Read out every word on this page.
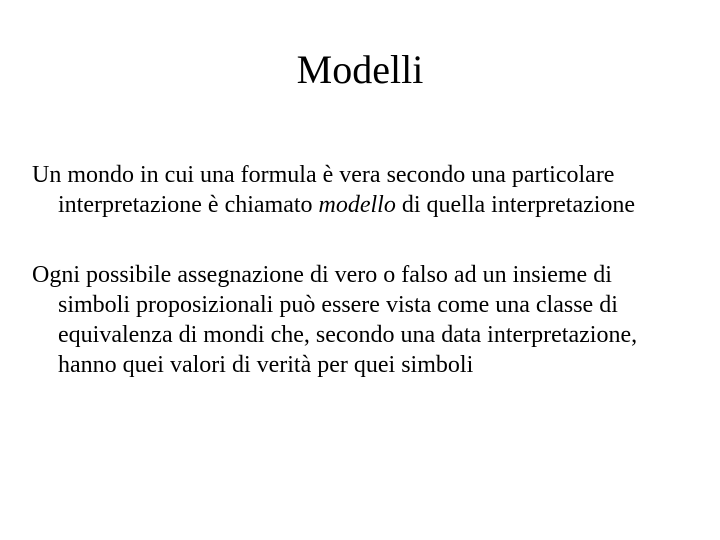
Modelli

Un mondo in cui una formula è vera secondo una particolare interpretazione è chiamato modello di quella interpretazione

Ogni possibile assegnazione di vero o falso ad un insieme di simboli proposizionali può essere vista come una classe di equivalenza di mondi che, secondo una data interpretazione, hanno quei valori di verità per quei simboli
